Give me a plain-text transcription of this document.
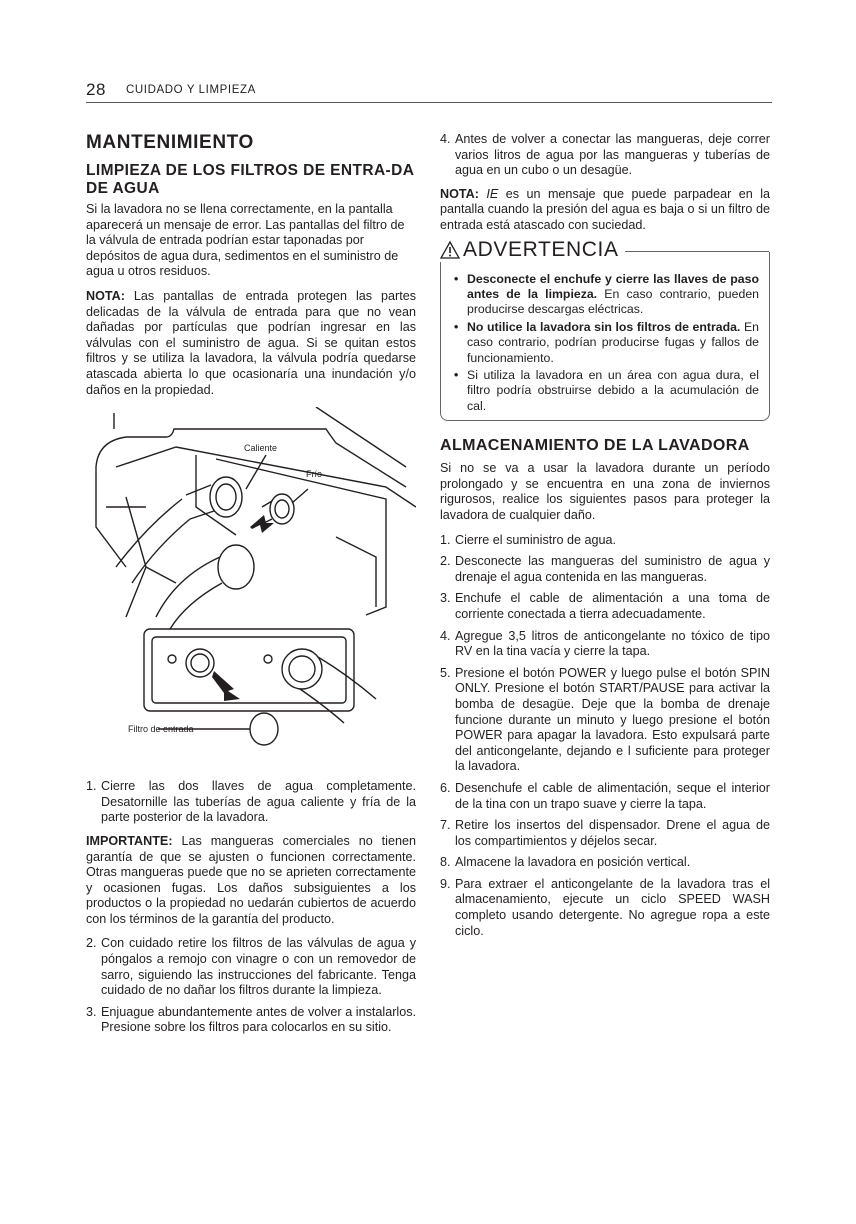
28 CUIDADO Y LIMPIEZA
MANTENIMIENTO
LIMPIEZA DE LOS FILTROS DE ENTRA-DA DE AGUA

Si la lavadora no se llena correctamente, en la pantalla aparecerá un mensaje de error. Las pantallas del filtro de la válvula de entrada podrían estar taponadas por depósitos de agua dura, sedimentos en el suministro de agua u otros residuos.

NOTA: Las pantallas de entrada protegen las partes delicadas de la válvula de entrada para que no vean dañadas por partículas que podrían ingresar en las válvulas con el suministro de agua. Si se quitan estos filtros y se utiliza la lavadora, la válvula podría quedarse atascada abierta lo que ocasionaría una inundación y/o daños en la propiedad.

Caliente
Frío
Filtro de entrada
1. Cierre las dos llaves de agua completamente. Desatornille las tuberías de agua caliente y fría de la parte posterior de la lavadora.

IMPORTANTE: Las mangueras comerciales no tienen garantía de que se ajusten o funcionen correctamente. Otras mangueras puede que no se aprieten correctamente y ocasionen fugas. Los daños subsiguientes a los productos o la propiedad no uedarán cubiertos de acuerdo con los términos de la garantía del producto.

2. Con cuidado retire los filtros de las válvulas de agua y póngalos a remojo con vinagre o con un removedor de sarro, siguiendo las instrucciones del fabricante. Tenga cuidado de no dañar los filtros durante la limpieza.
3. Enjuague abundantemente antes de volver a instalarlos. Presione sobre los filtros para colocarlos en su sitio.
4. Antes de volver a conectar las mangueras, deje correr varios litros de agua por las mangueras y tuberías de agua en un cubo o un desagüe.

NOTA: IE es un mensaje que puede parpadear en la pantalla cuando la presión del agua es baja o si un filtro de entrada está atascado con suciedad.

ADVERTENCIA
• Desconecte el enchufe y cierre las llaves de paso antes de la limpieza. En caso contrario, pueden producirse descargas eléctricas.
• No utilice la lavadora sin los filtros de entrada. En caso contrario, podrían producirse fugas y fallos de funcionamiento.
• Si utiliza la lavadora en un área con agua dura, el filtro podría obstruirse debido a la acumulación de cal.
ALMACENAMIENTO DE LA LAVADORA

Si no se va a usar la lavadora durante un período prolongado y se encuentra en una zona de inviernos rigurosos, realice los siguientes pasos para proteger la lavadora de cualquier daño.

1. Cierre el suministro de agua.
2. Desconecte las mangueras del suministro de agua y drenaje el agua contenida en las mangueras.
3. Enchufe el cable de alimentación a una toma de corriente conectada a tierra adecuadamente.
4. Agregue 3,5 litros de anticongelante no tóxico de tipo RV en la tina vacía y cierre la tapa.
5. Presione el botón POWER y luego pulse el botón SPIN ONLY. Presione el botón START/PAUSE para activar la bomba de desagüe. Deje que la bomba de drenaje funcione durante un minuto y luego presione el botón POWER para apagar la lavadora. Esto expulsará parte del anticongelante, dejando e l suficiente para proteger la lavadora.
6. Desenchufe el cable de alimentación, seque el interior de la tina con un trapo suave y cierre la tapa.
7. Retire los insertos del dispensador. Drene el agua de los compartimientos y déjelos secar.
8. Almacene la lavadora en posición vertical.
9. Para extraer el anticongelante de la lavadora tras el almacenamiento, ejecute un ciclo SPEED WASH completo usando detergente. No agregue ropa a este ciclo.
